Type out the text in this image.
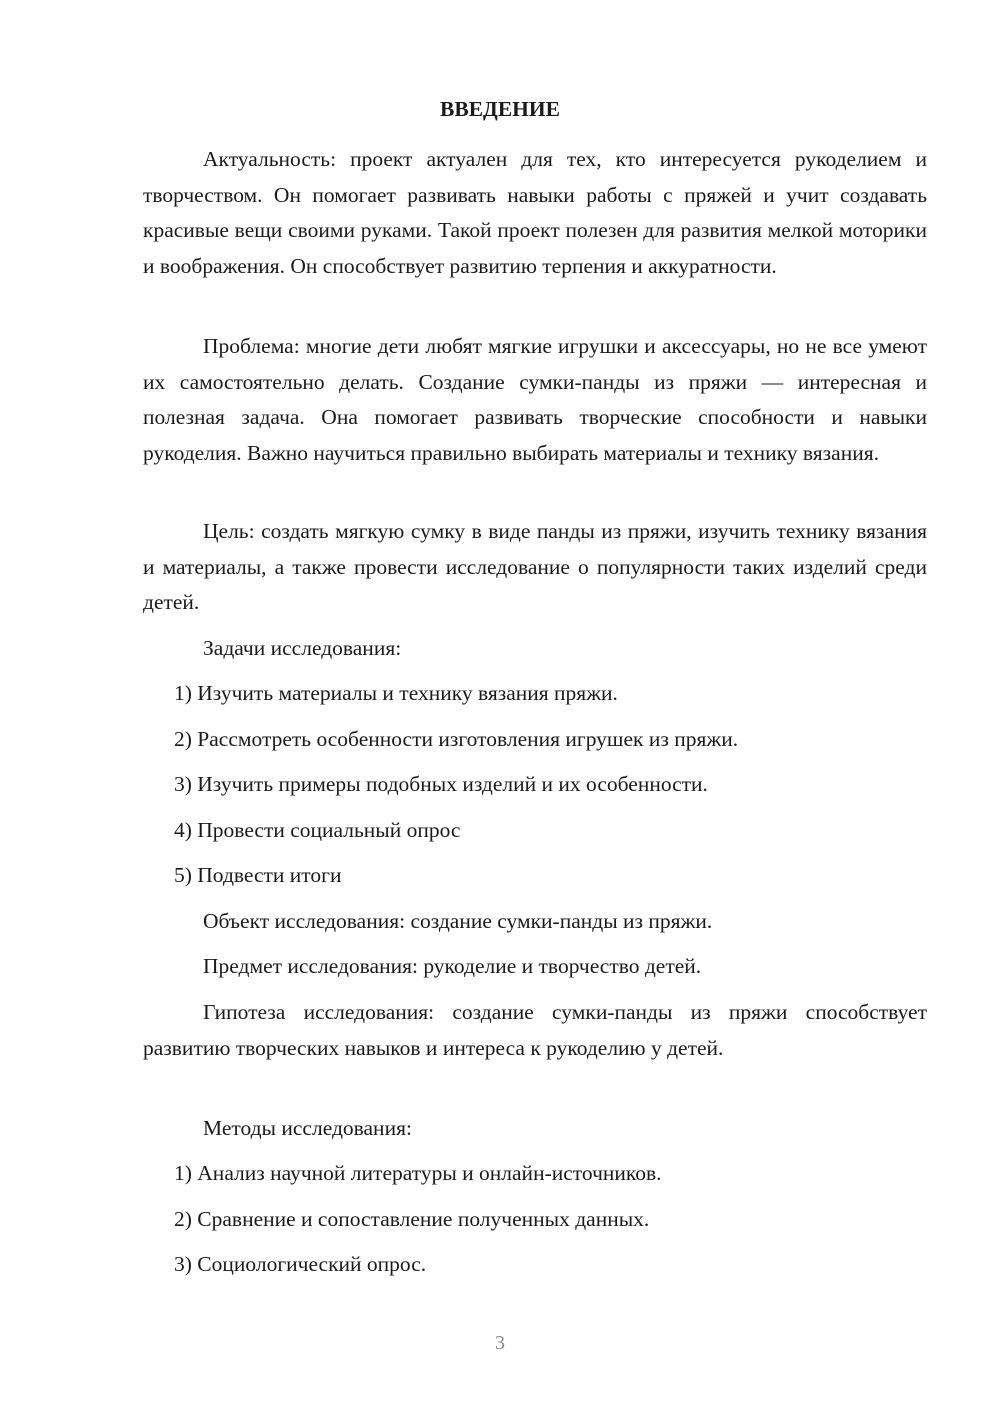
ВВЕДЕНИЕ

Актуальность: проект актуален для тех, кто интересуется рукоделием и творчеством. Он помогает развивать навыки работы с пряжей и учит создавать красивые вещи своими руками. Такой проект полезен для развития мелкой моторики и воображения. Он способствует развитию терпения и аккуратности.

Проблема: многие дети любят мягкие игрушки и аксессуары, но не все умеют их самостоятельно делать. Создание сумки-панды из пряжи — интересная и полезная задача. Она помогает развивать творческие способности и навыки рукоделия. Важно научиться правильно выбирать материалы и технику вязания.

Цель: создать мягкую сумку в виде панды из пряжи, изучить технику вязания и материалы, а также провести исследование о популярности таких изделий среди детей.

Задачи исследования:

1) Изучить материалы и технику вязания пряжи.

2) Рассмотреть особенности изготовления игрушек из пряжи.

3) Изучить примеры подобных изделий и их особенности.

4) Провести социальный опрос

5) Подвести итоги

Объект исследования: создание сумки-панды из пряжи.

Предмет исследования: рукоделие и творчество детей.

Гипотеза исследования: создание сумки-панды из пряжи способствует развитию творческих навыков и интереса к рукоделию у детей.

Методы исследования:

1) Анализ научной литературы и онлайн-источников.

2) Сравнение и сопоставление полученных данных.

3) Социологический опрос.

3
